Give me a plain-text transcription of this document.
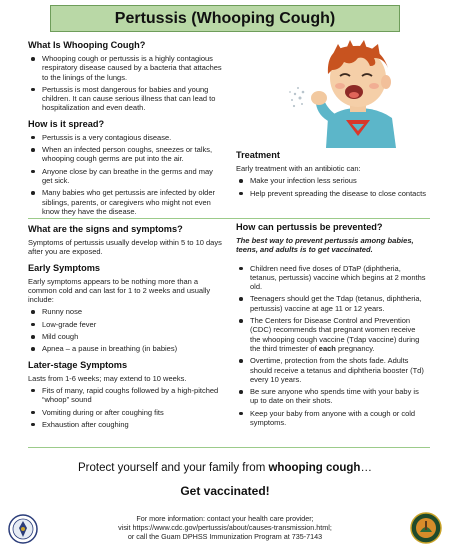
Pertussis (Whooping Cough)
What Is Whooping Cough?
Whooping cough or pertussis is a highly contagious respiratory disease caused by a bacteria that attaches to the linings of the lungs.
Pertussis is most dangerous for babies and young children. It can cause serious illness that can lead to hospitalization and even death.
How is it spread?
Pertussis is a very contagious disease.
When an infected person coughs, sneezes or talks, whooping cough germs are put into the air.
Anyone close by can breathe in the germs and may get sick.
Many babies who get pertussis are infected by older siblings, parents, or caregivers who might not even know they have the disease.
What are the signs and symptoms?

Symptoms of pertussis usually develop within 5 to 10 days after you are exposed.

Early Symptoms

Early symptoms appears to be nothing more than a common cold and can last for 1 to 2 weeks and usually include:

Runny nose
Low-grade fever
Mild cough
Apnea – a pause in breathing (in babies)
Later-stage Symptoms

Lasts from 1-6 weeks; may extend to 10 weeks.

Fits of many, rapid coughs followed by a high-pitched “whoop” sound
Vomiting during or after coughing fits
Exhaustion after coughing
Treatment

Early treatment with an antibiotic can:

Make your infection less serious
Help prevent spreading the disease to close contacts
How can pertussis be prevented?

The best way to prevent pertussis among babies, teens, and adults is to get vaccinated.

Children need five doses of DTaP (diphtheria, tetanus, pertussis) vaccine which begins at 2 months old.
Teenagers should get the Tdap (tetanus, diphtheria, pertussis) vaccine at age 11 or 12 years.
The Centers for Disease Control and Prevention (CDC) recommends that pregnant women receive the whooping cough vaccine (Tdap vaccine) during the third trimester of each pregnancy.
Overtime, protection from the shots fade. Adults should receive a tetanus and diphtheria booster (Td) every 10 years.
Be sure anyone who spends time with your baby is up to date on their shots.
Keep your baby from anyone with a cough or cold symptoms.
Protect yourself and your family from whooping cough…
Get vaccinated!
For more information: contact your health care provider;
visit https://www.cdc.gov/pertussis/about/causes-transmission.html;
or call the Guam DPHSS Immunization Program at 735-7143
